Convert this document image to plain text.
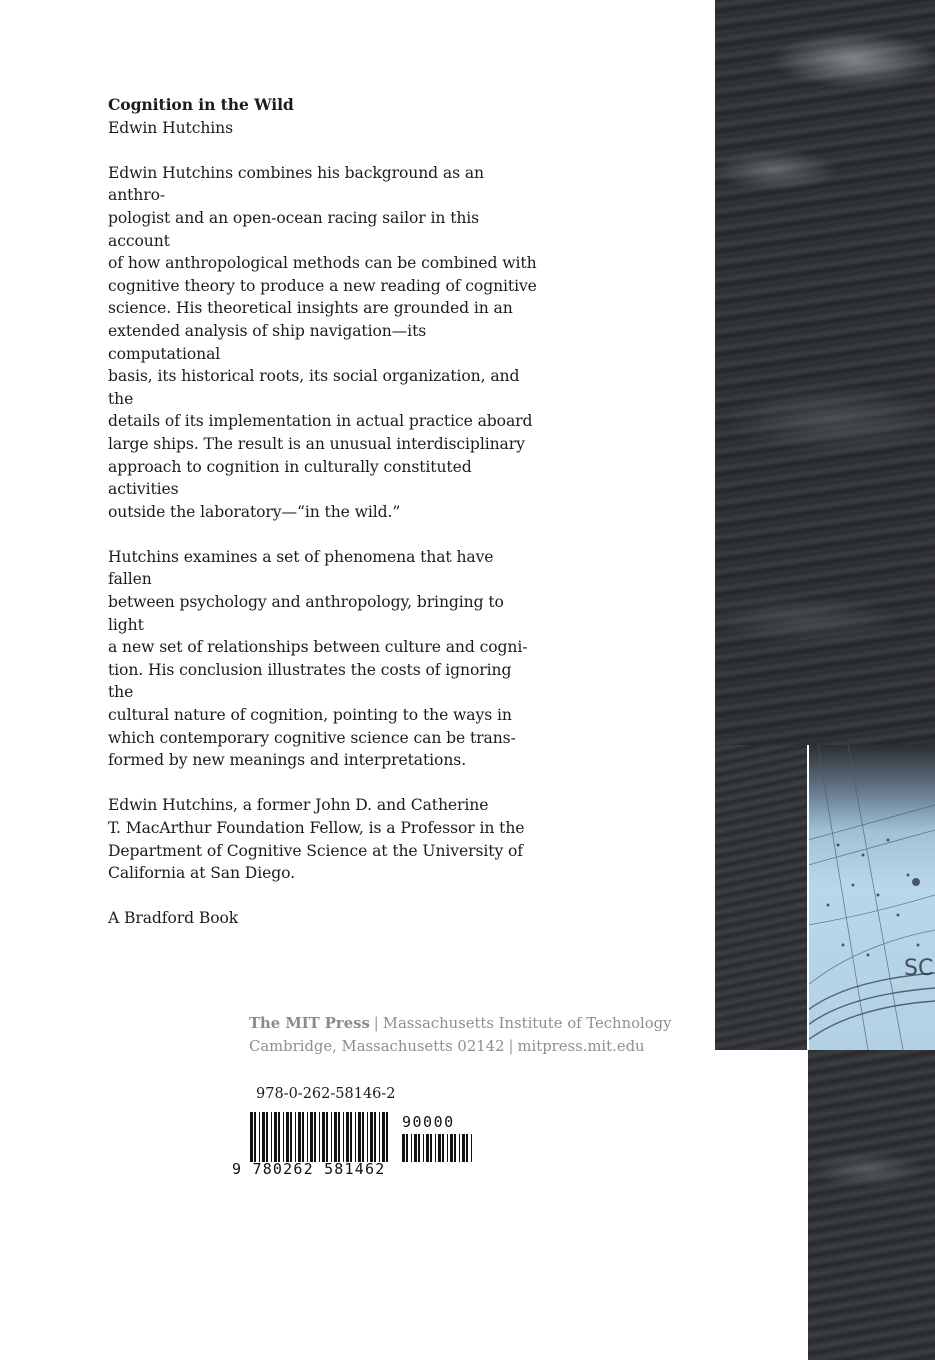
Cognition in the Wild

Edwin Hutchins

Edwin Hutchins combines his background as an anthro-

pologist and an open-ocean racing sailor in this account

of how anthropological methods can be combined with

cognitive theory to produce a new reading of cognitive

science. His theoretical insights are grounded in an

extended analysis of ship navigation—its computational

basis, its historical roots, its social organization, and the

details of its implementation in actual practice aboard

large ships. The result is an unusual interdisciplinary

approach to cognition in culturally constituted activities

outside the laboratory—“in the wild.”

Hutchins examines a set of phenomena that have fallen

between psychology and anthropology, bringing to light

a new set of relationships between culture and cogni-

tion. His conclusion illustrates the costs of ignoring the

cultural nature of cognition, pointing to the ways in

which contemporary cognitive science can be trans-

formed by new meanings and interpretations.

Edwin Hutchins, a former John D. and Catherine

T. MacArthur Foundation Fellow, is a Professor in the

Department of Cognitive Science at the University of

California at San Diego.

A Bradford Book

SC
The MIT Press | Massachusetts Institute of Technology
Cambridge, Massachusetts 02142 | mitpress.mit.edu
978-0-262-58146-2
9 780262 581462
90000
